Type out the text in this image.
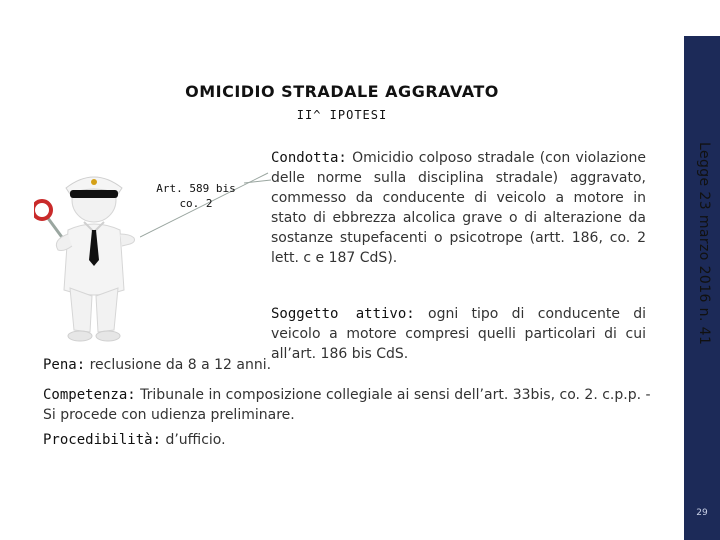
OMICIDIO STRADALE AGGRAVATO
II^ IPOTESI
Legge 23 marzo 2016 n. 41
29
Art. 589 bis co. 2
Condotta: Omicidio colposo stradale (con violazione delle norme sulla disciplina stradale) aggravato, commesso da conducente di veicolo a motore in stato di ebbrezza alcolica grave o di alterazione da sostanze stupefacenti o psicotrope (artt. 186, co. 2 lett. c e 187 CdS).
Soggetto attivo: ogni tipo di conducente di veicolo a motore compresi quelli particolari di cui all’art. 186 bis CdS.
Pena: reclusione da 8 a 12 anni.
Competenza: Tribunale in composizione collegiale ai sensi dell’art. 33bis, co. 2. c.p.p. - Si procede con udienza preliminare.
Procedibilità: d’ufficio.
